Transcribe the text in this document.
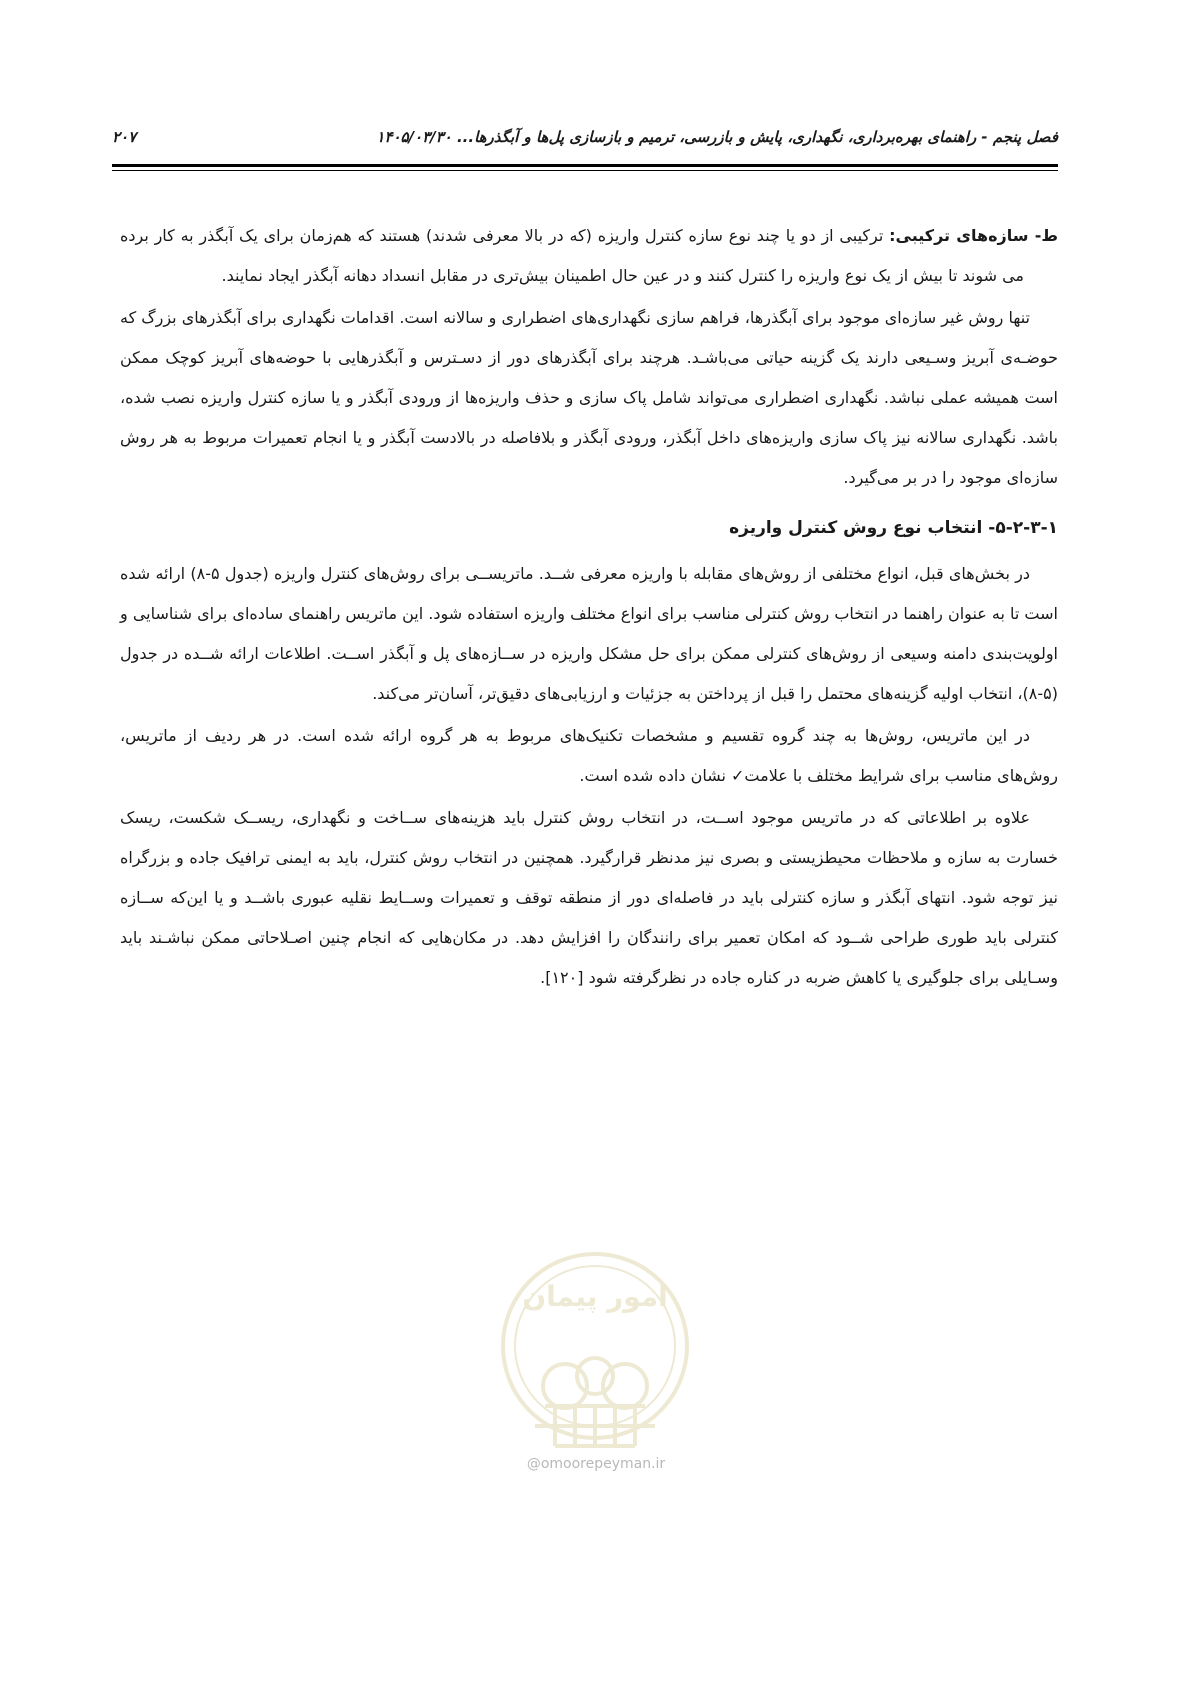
فصل پنجم - راهنمای بهره‌برداری، نگهداری، پایش و بازرسی، ترمیم و بازسازی پل‌ها و آبگذرها... ۱۴۰۵/۰۳/۳۰
۲۰۷

ط- سازه‌های ترکیبی: ترکیبی از دو یا چند نوع سازه کنترل واریزه (که در بالا معرفی شدند) هستند که هم‌زمان برای یک آبگذر به کار برده می شوند تا بیش از یک نوع واریزه را کنترل کنند و در عین حال اطمینان بیش‌تری در مقابل انسداد دهانه آبگذر ایجاد نمایند.

تنها روش غیر سازه‌ای موجود برای آبگذرها، فراهم سازی نگهداری‌های اضطراری و سالانه است. اقدامات نگهداری برای آبگذرهای بزرگ که حوضـه‌ی آبریز وسـیعی دارند یک گزینه حیاتی می‌باشـد. هرچند برای آبگذرهای دور از دسـترس و آبگذرهایی با حوضه‌های آبریز کوچک ممکن است همیشه عملی نباشد. نگهداری اضطراری می‌تواند شامل پاک سازی و حذف واریزه‌ها از ورودی آبگذر و یا سازه کنترل واریزه نصب شده، باشد. نگهداری سالانه نیز پاک سازی واریزه‌های داخل آبگذر، ورودی آبگذر و بلافاصله در بالادست آبگذر و یا انجام تعمیرات مربوط به هر روش سازه‌ای موجود را در بر می‌گیرد.

۵-۲-۳-۱- انتخاب نوع روش کنترل واریزه

در بخش‌های قبل، انواع مختلفی از روش‌های مقابله با واریزه معرفی شــد. ماتریســی برای روش‌های کنترل واریزه (جدول ۵-۸) ارائه شده است تا به عنوان راهنما در انتخاب روش کنترلی مناسب برای انواع مختلف واریزه استفاده شود. این ماتریس راهنمای ساده‌ای برای شناسایی و اولویت‌بندی دامنه وسیعی از روش‌های کنترلی ممکن برای حل مشکل واریزه در ســازه‌های پل و آبگذر اســت. اطلاعات ارائه شــده در جدول (۵-۸)، انتخاب اولیه گزینه‌های محتمل را قبل از پرداختن به جزئیات و ارزیابی‌های دقیق‌تر، آسان‌تر می‌کند.

در این ماتریس، روش‌ها به چند گروه تقسیم و مشخصات تکنیک‌های مربوط به هر گروه ارائه شده است. در هر ردیف از ماتریس، روش‌های مناسب برای شرایط مختلف با علامت✓ نشان داده شده است.

علاوه بر اطلاعاتی که در ماتریس موجود اســت، در انتخاب روش کنترل باید هزینه‌های ســاخت و نگهداری، ریســک شکست، ریسک خسارت به سازه و ملاحظات محیطزیستی و بصری نیز مدنظر قرارگیرد. همچنین در انتخاب روش کنترل، باید به ایمنی ترافیک جاده و بزرگراه نیز توجه شود. انتهای آبگذر و سازه کنترلی باید در فاصله‌ای دور از منطقه توقف و تعمیرات وســایط نقلیه عبوری باشــد و یا این‌که ســازه کنترلی باید طوری طراحی شــود که امکان تعمیر برای رانندگان را افزایش دهد. در مکان‌هایی که انجام چنین اصـلاحاتی ممکن نباشـند باید وسـایلی برای جلوگیری یا کاهش ضربه در کناره جاده در نظرگرفته شود [۱۲۰].

امور پیمان
@omoorepeyman.ir
